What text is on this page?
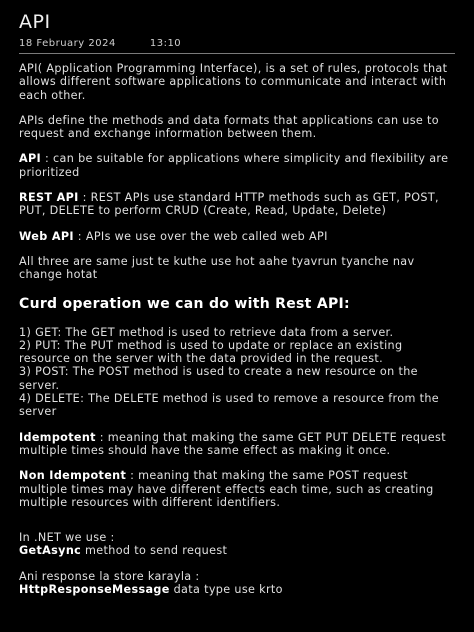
API
18 February 2024	13:10

API( Application Programming Interface), is a set of rules, protocols that allows different software applications to communicate and interact with each other.

APIs define the methods and data formats that applications can use to request and exchange information between them.

API : can be suitable for applications where simplicity and flexibility are prioritized

REST API : REST APIs use standard HTTP methods such as GET, POST, PUT, DELETE to perform CRUD (Create, Read, Update, Delete)

Web API : APIs we use over the web called web API

All three are same just te kuthe use hot aahe tyavrun tyanche nav change hotat

Curd operation we can do with Rest API:

1) GET: The GET method is used to retrieve data from a server.

2) PUT: The PUT method is used to update or replace an existing resource on the server with the data provided in the request.

3) POST: The POST method is used to create a new resource on the server.

4) DELETE: The DELETE method is used to remove a resource from the server

Idempotent : meaning that making the same GET PUT DELETE request multiple times should have the same effect as making it once.

Non Idempotent : meaning that making the same POST request multiple times may have different effects each time, such as creating multiple resources with different identifiers.

In .NET we use :
GetAsync method to send request

Ani response la store karayla :
HttpResponseMessage data type use krto
